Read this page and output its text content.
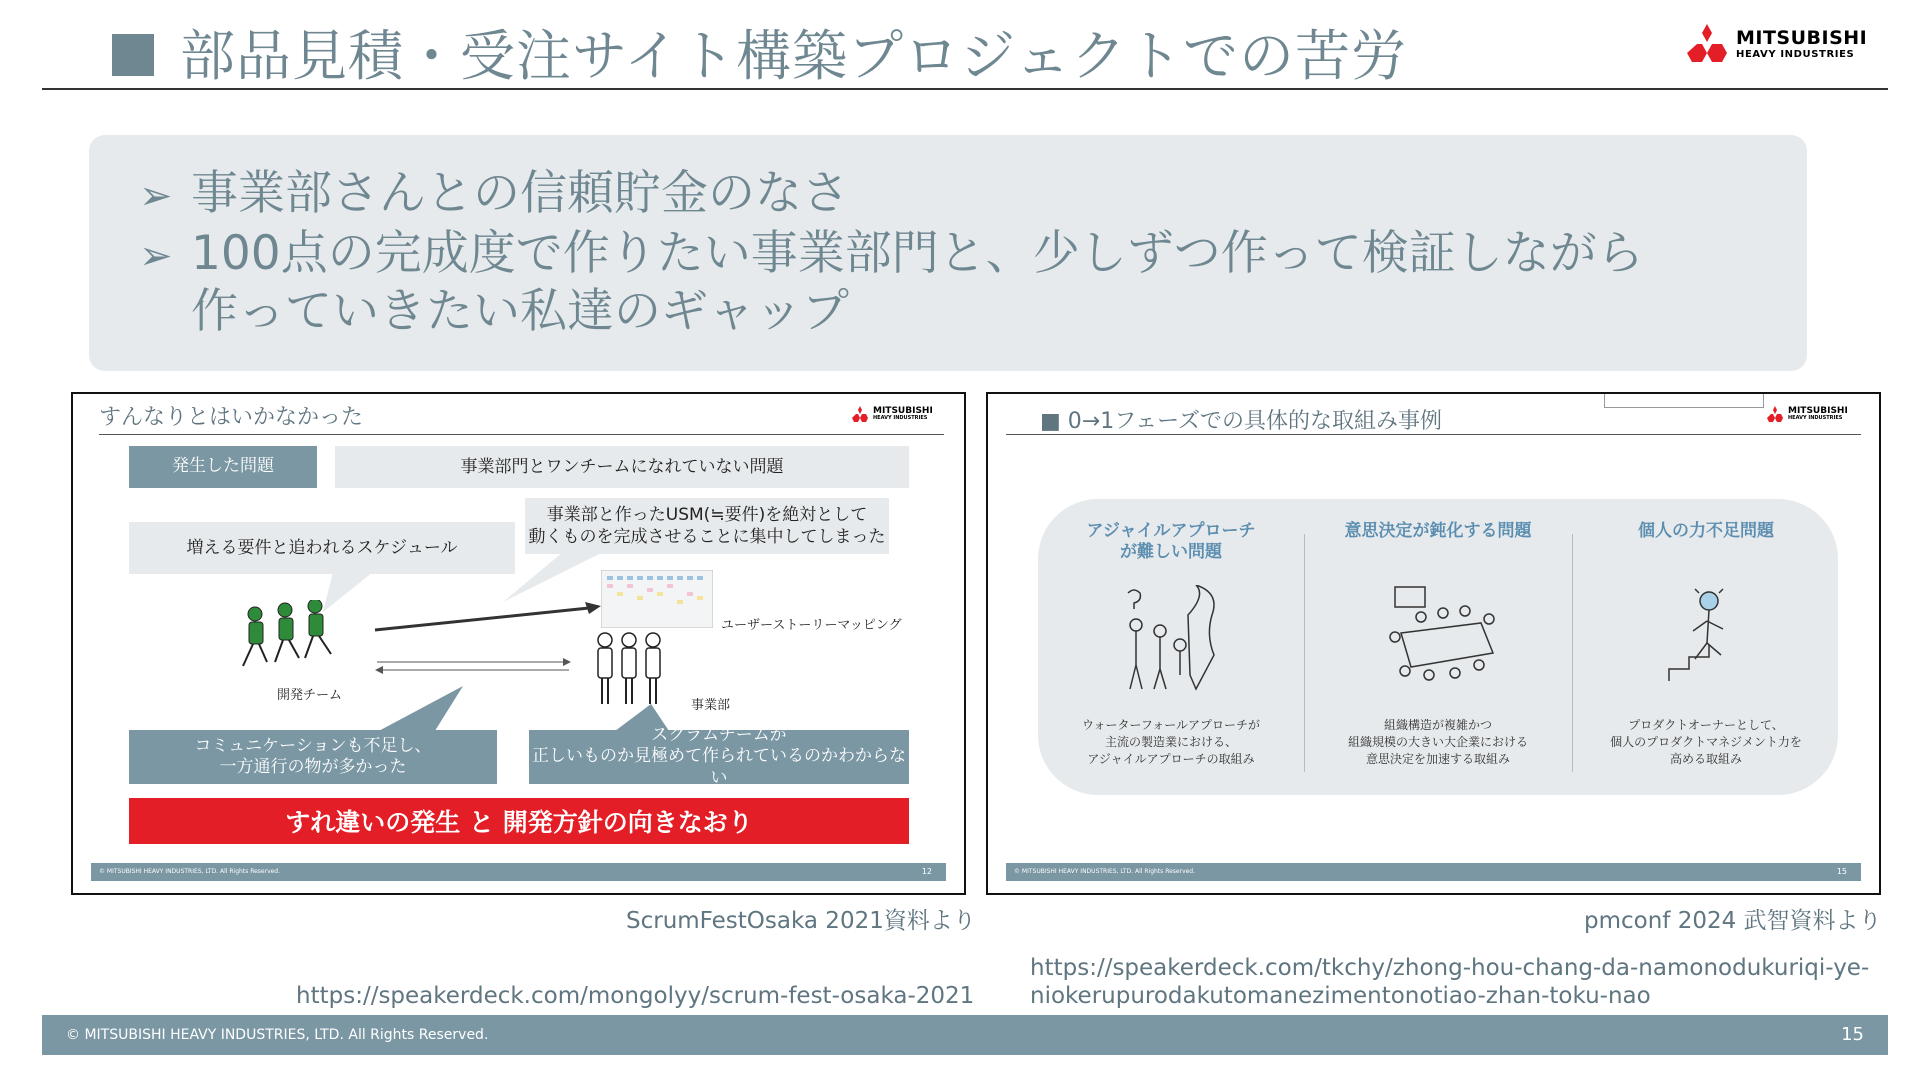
部品見積・受注サイト構築プロジェクトでの苦労	MITSUBISHI
HEAVY INDUSTRIES
➢ 事業部さんとの信頼貯金のなさ
➢ 100点の完成度で作りたい事業部門と、少しずつ作って検証しながら
作っていきたい私達のギャップ
すんなりとはいかなかった	MITSUBISHI
HEAVY INDUSTRIES
発生した問題	事業部門とワンチームになれていない問題
増える要件と追われるスケジュール
事業部と作ったUSM(≒要件)を絶対として
動くものを完成させることに集中してしまった
ユーザーストーリーマッピング
開発チーム
事業部
コミュニケーションも不足し、
一方通行の物が多かった
スクラムチームが
正しいものか見極めて作られているのかわからない
すれ違いの発生 と 開発方針の向きなおり
© MITSUBISHI HEAVY INDUSTRIES, LTD. All Rights Reserved.	12
■ 0→1フェーズでの具体的な取組み事例	MITSUBISHI
HEAVY INDUSTRIES
アジャイルアプローチ
が難しい問題
ウォーターフォールアプローチが
主流の製造業における、
アジャイルアプローチの取組み
意思決定が鈍化する問題
組織構造が複雑かつ
組織規模の大きい大企業における
意思決定を加速する取組み
個人の力不足問題
プロダクトオーナーとして、
個人のプロダクトマネジメント力を
高める取組み
© MITSUBISHI HEAVY INDUSTRIES, LTD. All Rights Reserved.	15
ScrumFestOsaka 2021資料より	pmconf 2024 武智資料より
https://speakerdeck.com/mongolyy/scrum-fest-osaka-2021
https://speakerdeck.com/tkchy/zhong-hou-chang-da-namonodukuriqi-ye-
niokerupurodakutomanezimentonotiao-zhan-toku-nao
© MITSUBISHI HEAVY INDUSTRIES, LTD. All Rights Reserved.	15
